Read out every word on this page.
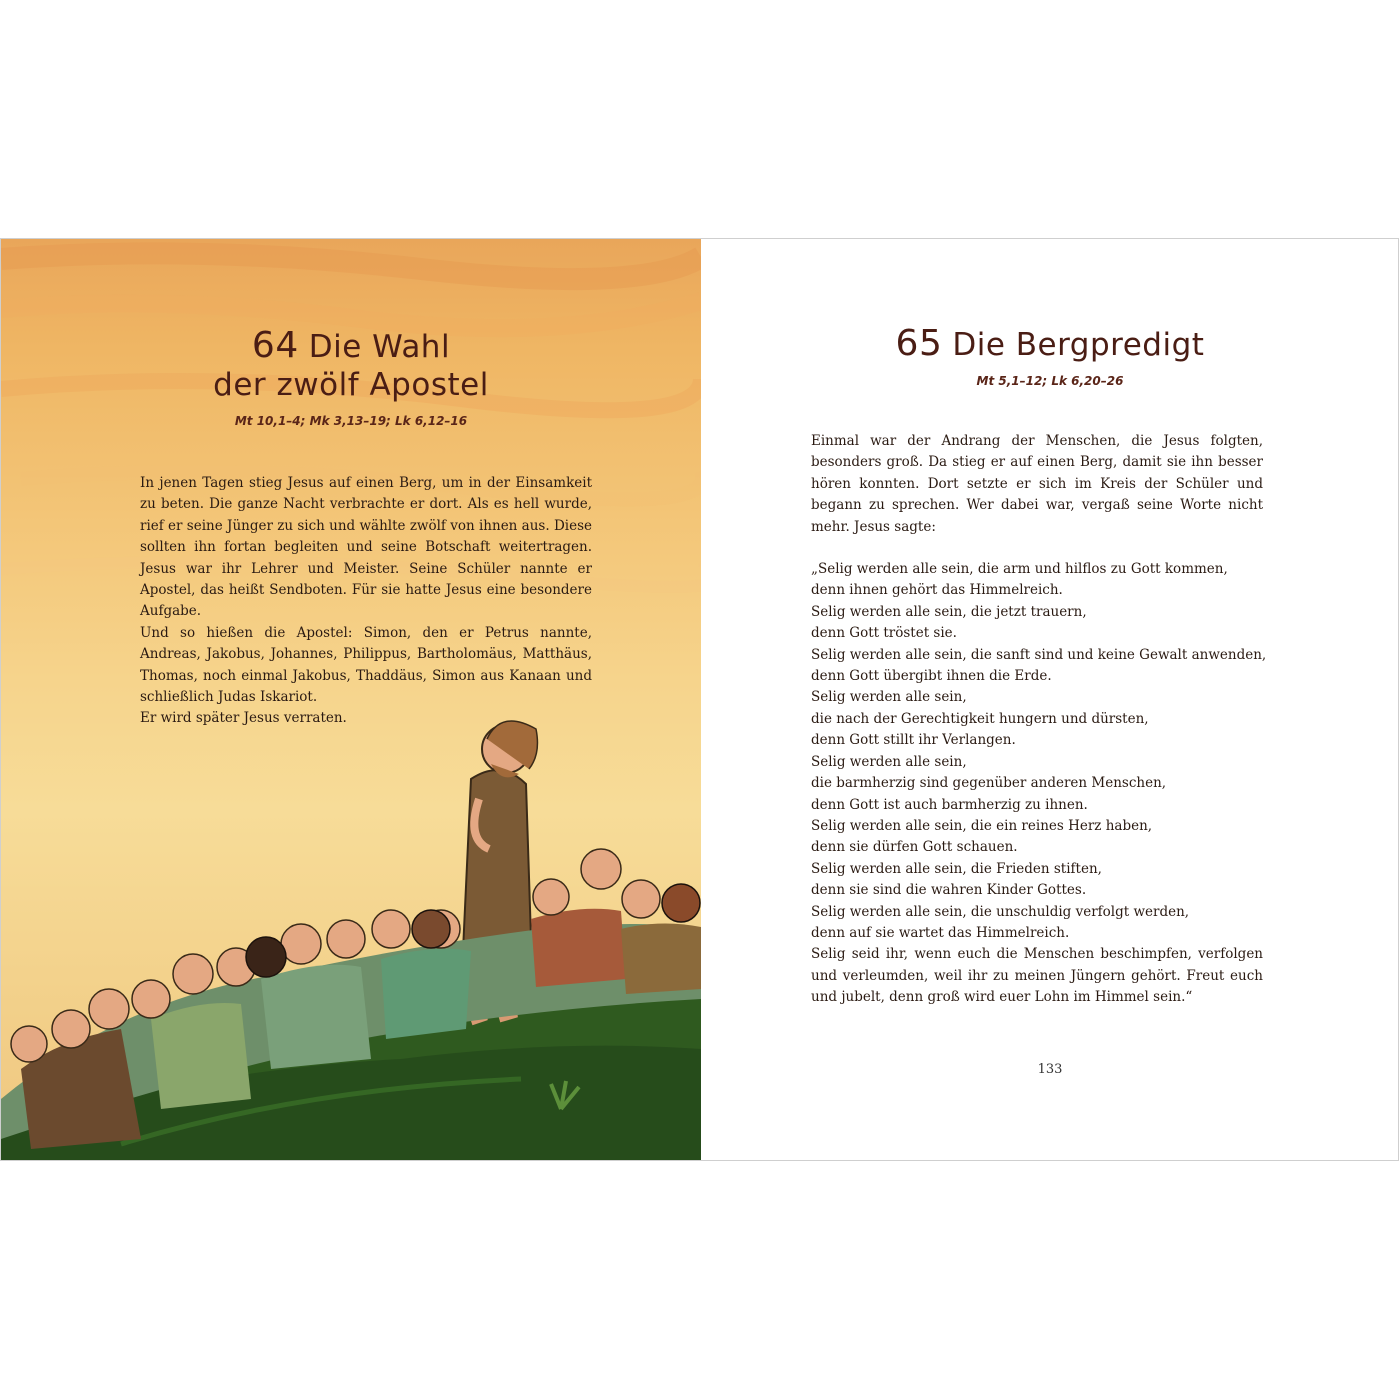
64 Die Wahl

der zwölf Apostel

Mt 10,1–4; Mk 3,13–19; Lk 6,12–16

In jenen Tagen stieg Jesus auf einen Berg, um in der Einsamkeit zu beten. Die ganze Nacht verbrachte er dort. Als es hell wurde, rief er seine Jünger zu sich und wählte zwölf von ihnen aus. Diese sollten ihn fortan begleiten und seine Botschaft weitertragen. Jesus war ihr Lehrer und Meister. Seine Schüler nannte er Apostel, das heißt Sendboten. Für sie hatte Jesus eine besondere Aufgabe.

Und so hießen die Apostel: Simon, den er Petrus nannte, Andreas, Jakobus, Johannes, Philippus, Bartholomäus, Matthäus, Thomas, noch einmal Jakobus, Thaddäus, Simon aus Kanaan und schließlich Judas Iskariot.

Er wird später Jesus verraten.

65 Die Bergpredigt

Mt 5,1–12; Lk 6,20–26

Einmal war der Andrang der Menschen, die Jesus folgten, besonders groß. Da stieg er auf einen Berg, damit sie ihn besser hören konnten. Dort setzte er sich im Kreis der Schüler und begann zu sprechen. Wer dabei war, vergaß seine Worte nicht mehr. Jesus sagte:

„Selig werden alle sein, die arm und hilflos zu Gott kommen,
denn ihnen gehört das Himmelreich.
Selig werden alle sein, die jetzt trauern,
denn Gott tröstet sie.
Selig werden alle sein, die sanft sind und keine Gewalt anwenden,
denn Gott übergibt ihnen die Erde.
Selig werden alle sein,
die nach der Gerechtigkeit hungern und dürsten,
denn Gott stillt ihr Verlangen.
Selig werden alle sein,
die barmherzig sind gegenüber anderen Menschen,
denn Gott ist auch barmherzig zu ihnen.
Selig werden alle sein, die ein reines Herz haben,
denn sie dürfen Gott schauen.
Selig werden alle sein, die Frieden stiften,
denn sie sind die wahren Kinder Gottes.
Selig werden alle sein, die unschuldig verfolgt werden,
denn auf sie wartet das Himmelreich.

Selig seid ihr, wenn euch die Menschen beschimpfen, verfolgen und verleumden, weil ihr zu meinen Jüngern gehört. Freut euch und jubelt, denn groß wird euer Lohn im Himmel sein.“

133
